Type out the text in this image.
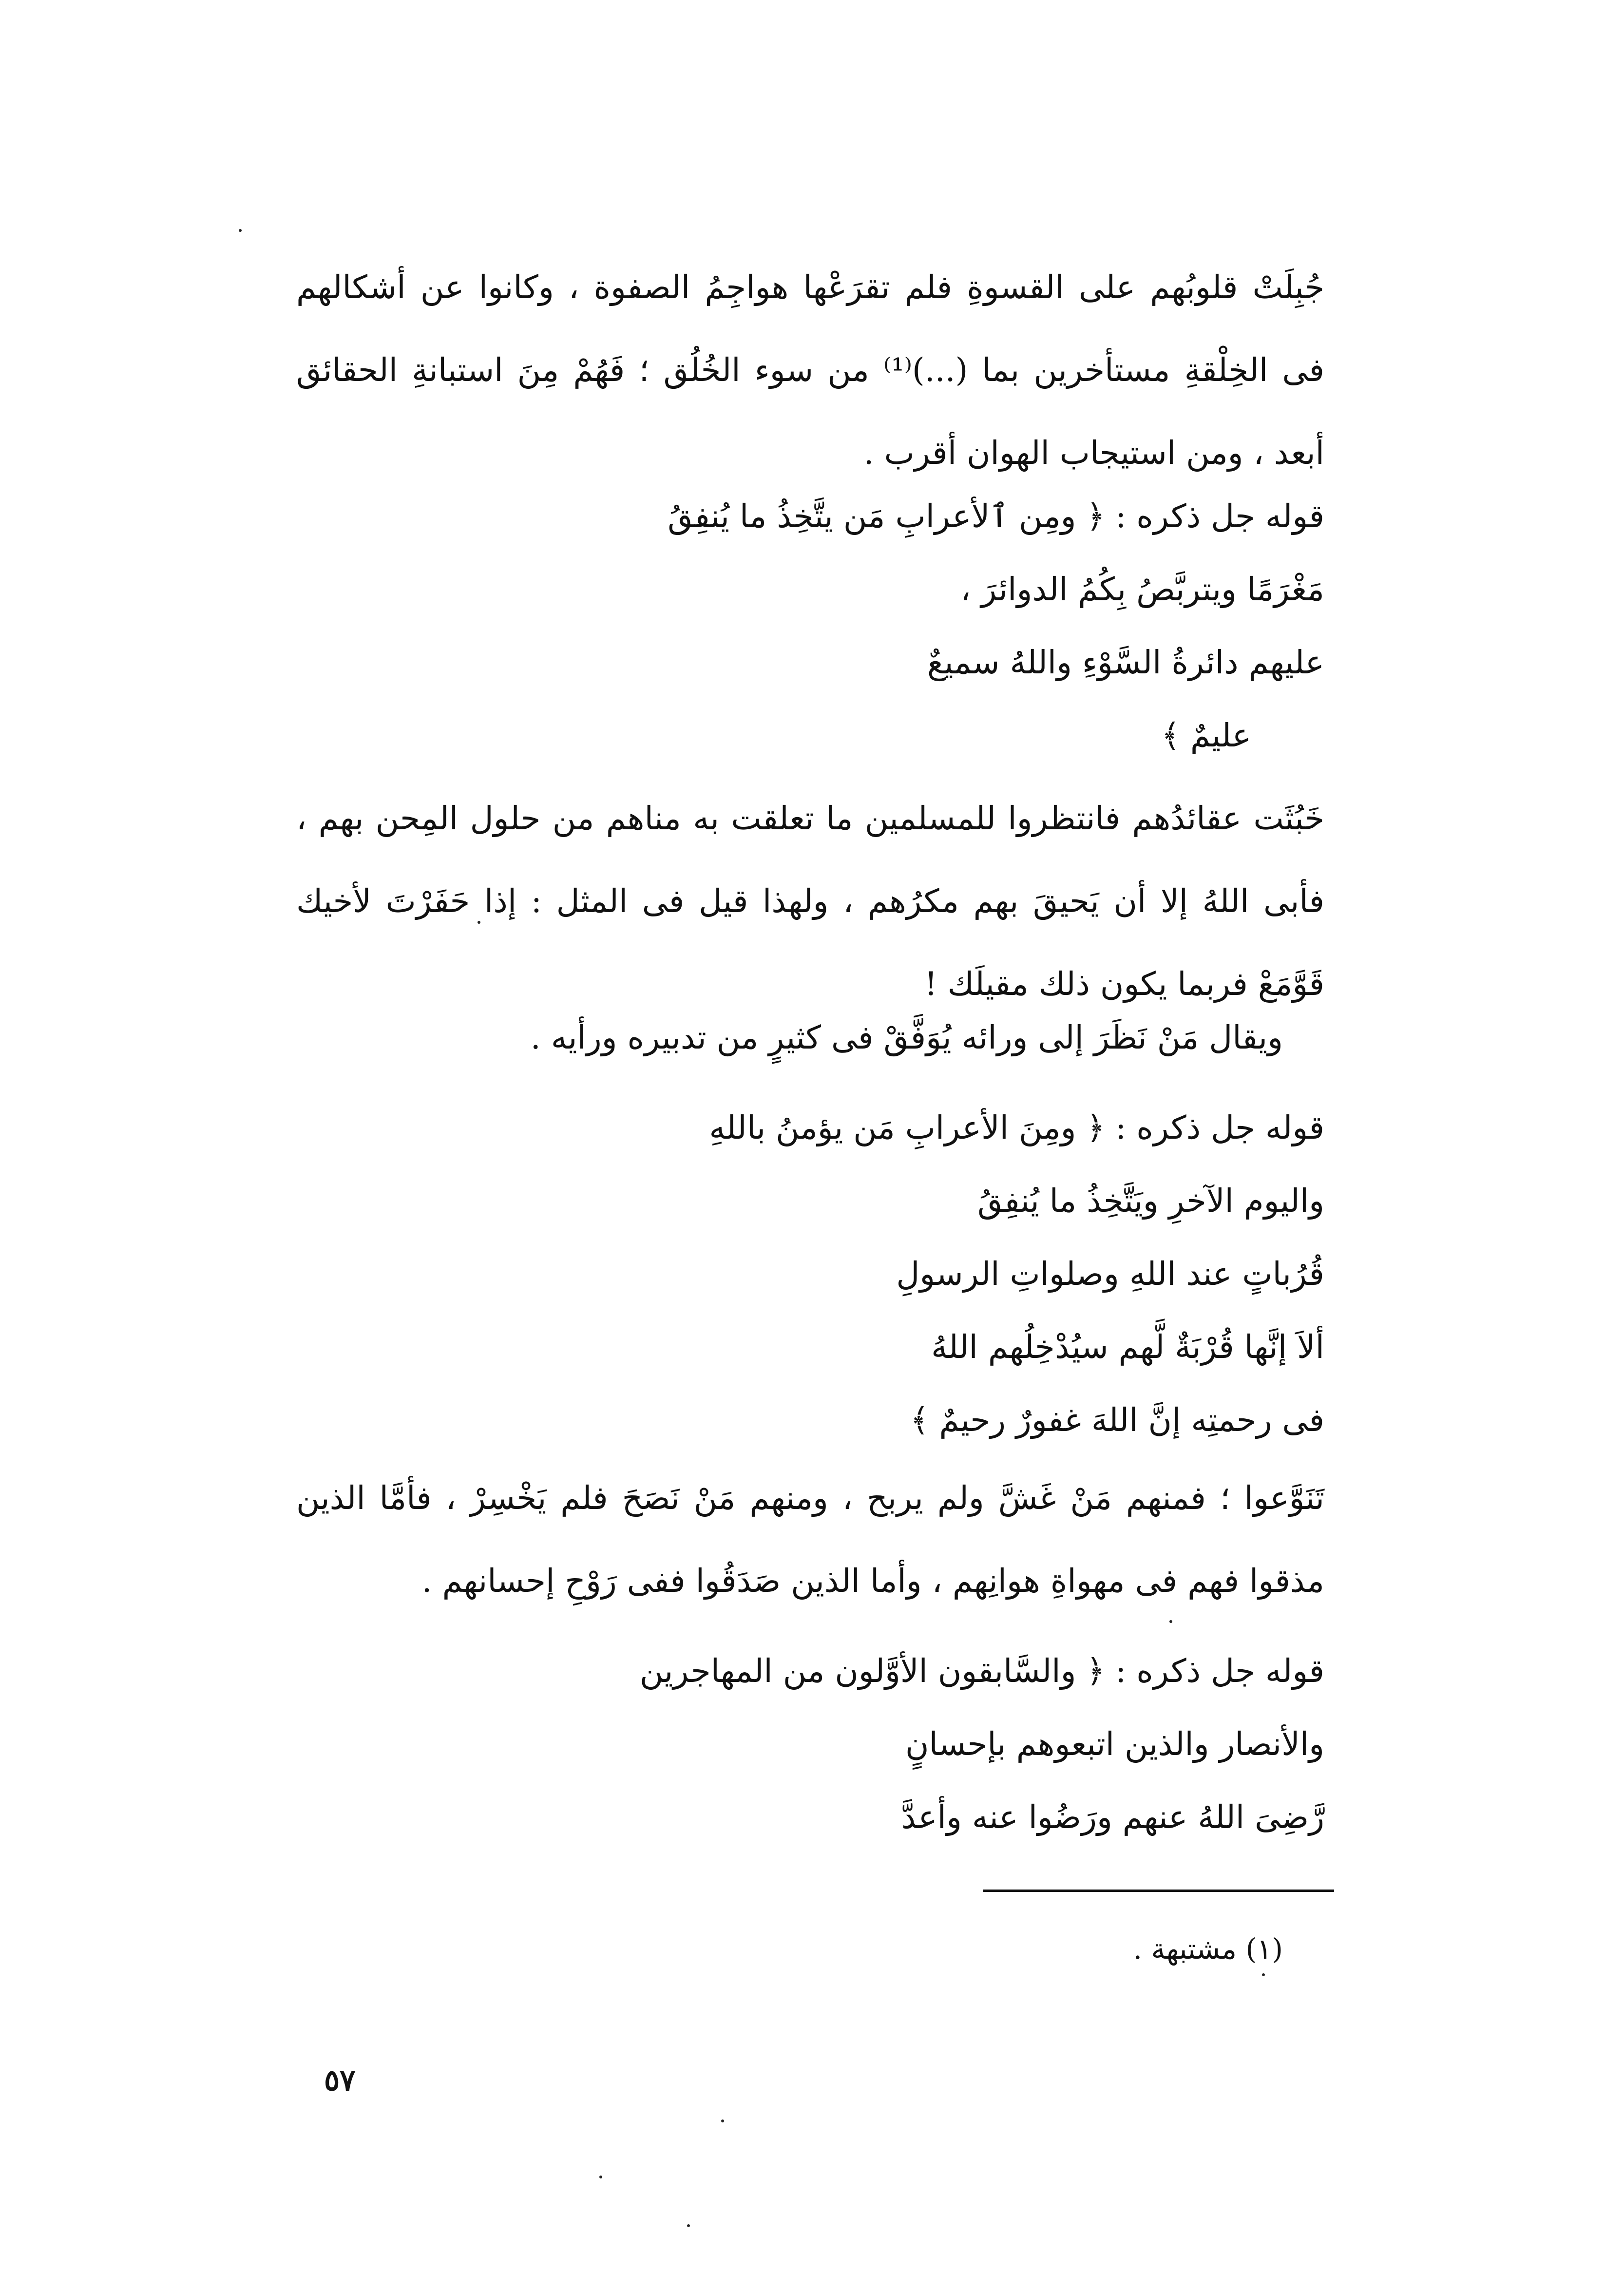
جُبِلَتْ قلوبُهم على القسوةِ فلم تقرَعْها هواجِمُ الصفوة ، وكانوا عن أشكالهم فى الخِلْقةِ مستأخرين بما (...)⁽¹⁾ من سوء الخُلُق ؛ فَهُمْ مِنَ استبانةِ الحقائق أبعد ، ومن استيجاب الهوان أقرب .

قوله جل ذكره : ﴿ ومِن ٱلأعرابِ مَن يتَّخِذُ ما يُنفِقُ
مَغْرَمًا ويتربَّصُ بِكُمُ الدوائرَ ،
عليهم دائرةُ السَّوْءِ واللهُ سميعٌ
عليمٌ ﴾

خَبُثَت عقائدُهم فانتظروا للمسلمين ما تعلقت به مناهم من حلول المِحن بهم ، فأبى اللهُ إلا أن يَحيقَ بهم مكرُهم ، ولهذا قيل فى المثل : إذا حَفَرْتَ لأخيك قَوَّمَعْ فربما يكون ذلك مقيلَك !

ويقال مَنْ نَظَرَ إلى ورائه يُوَفَّقْ فى كثيرٍ من تدبيره ورأيه .

قوله جل ذكره : ﴿ ومِنَ الأعرابِ مَن يؤمنُ باللهِ
واليوم الآخرِ ويَتَّخِذُ ما يُنفِقُ
قُرُباتٍ عند اللهِ وصلواتِ الرسولِ
ألاَ إنَّها قُرْبَةٌ لَّهم سيُدْخِلُهم اللهُ
فى رحمتِه إنَّ اللهَ غفورٌ رحيمٌ ﴾

تَنَوَّعوا ؛ فمنهم مَنْ غَشَّ ولم يربح ، ومنهم مَنْ نَصَحَ فلم يَخْسِرْ ، فأمَّا الذين مذقوا فهم فى مهواةِ هوانِهم ، وأما الذين صَدَقُوا ففى رَوْحِ إحسانهم .

قوله جل ذكره : ﴿ والسَّابقون الأوَّلون من المهاجرين
والأنصار والذين اتبعوهم بإحسانٍ
رَّضِىَ اللهُ عنهم ورَضُوا عنه وأعدَّ
(١) مشتبهة .
٥٧
